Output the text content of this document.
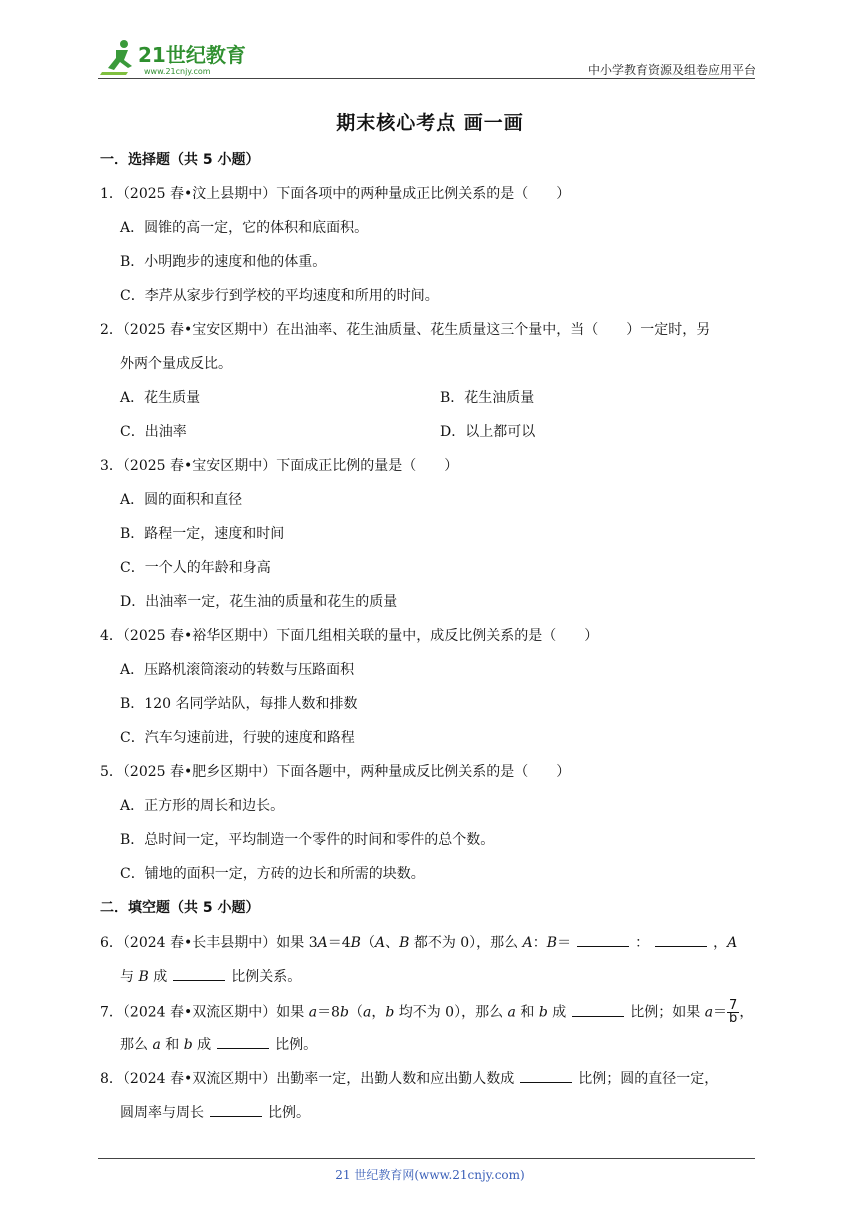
21世纪教育
www.21cnjy.com	中小学教育资源及组卷应用平台
期末核心考点 画一画
一．选择题（共 5 小题）
1．（2025 春•汶上县期中）下面各项中的两种量成正比例关系的是（　　）
A．圆锥的高一定，它的体积和底面积。
B．小明跑步的速度和他的体重。
C．李芹从家步行到学校的平均速度和所用的时间。
2．（2025 春•宝安区期中）在出油率、花生油质量、花生质量这三个量中，当（　　）一定时，另
外两个量成反比。
A．花生质量	B．花生油质量
C．出油率	D．以上都可以
3．（2025 春•宝安区期中）下面成正比例的量是（　　）
A．圆的面积和直径
B．路程一定，速度和时间
C．一个人的年龄和身高
D．出油率一定，花生油的质量和花生的质量
4．（2025 春•裕华区期中）下面几组相关联的量中，成反比例关系的是（　　）
A．压路机滚筒滚动的转数与压路面积
B．120 名同学站队，每排人数和排数
C．汽车匀速前进，行驶的速度和路程
5．（2025 春•肥乡区期中）下面各题中，两种量成反比例关系的是（　　）
A．正方形的周长和边长。
B．总时间一定，平均制造一个零件的时间和零件的总个数。
C．铺地的面积一定，方砖的边长和所需的块数。
二．填空题（共 5 小题）
6．（2024 春•长丰县期中）如果 3A＝4B（A、B 都不为 0），那么 A：B＝	：	，A
与 B 成	比例关系。
7．（2024 春•双流区期中）如果 a＝8b（a，b 均不为 0），那么 a 和 b 成	比例；如果 $a= \frac{7}{b}$ ，
那么 a 和 b 成	比例。
8．（2024 春•双流区期中）出勤率一定，出勤人数和应出勤人数成	比例；圆的直径一定，
圆周率与周长	比例。
21 世纪教育网(www.21cnjy.com)
